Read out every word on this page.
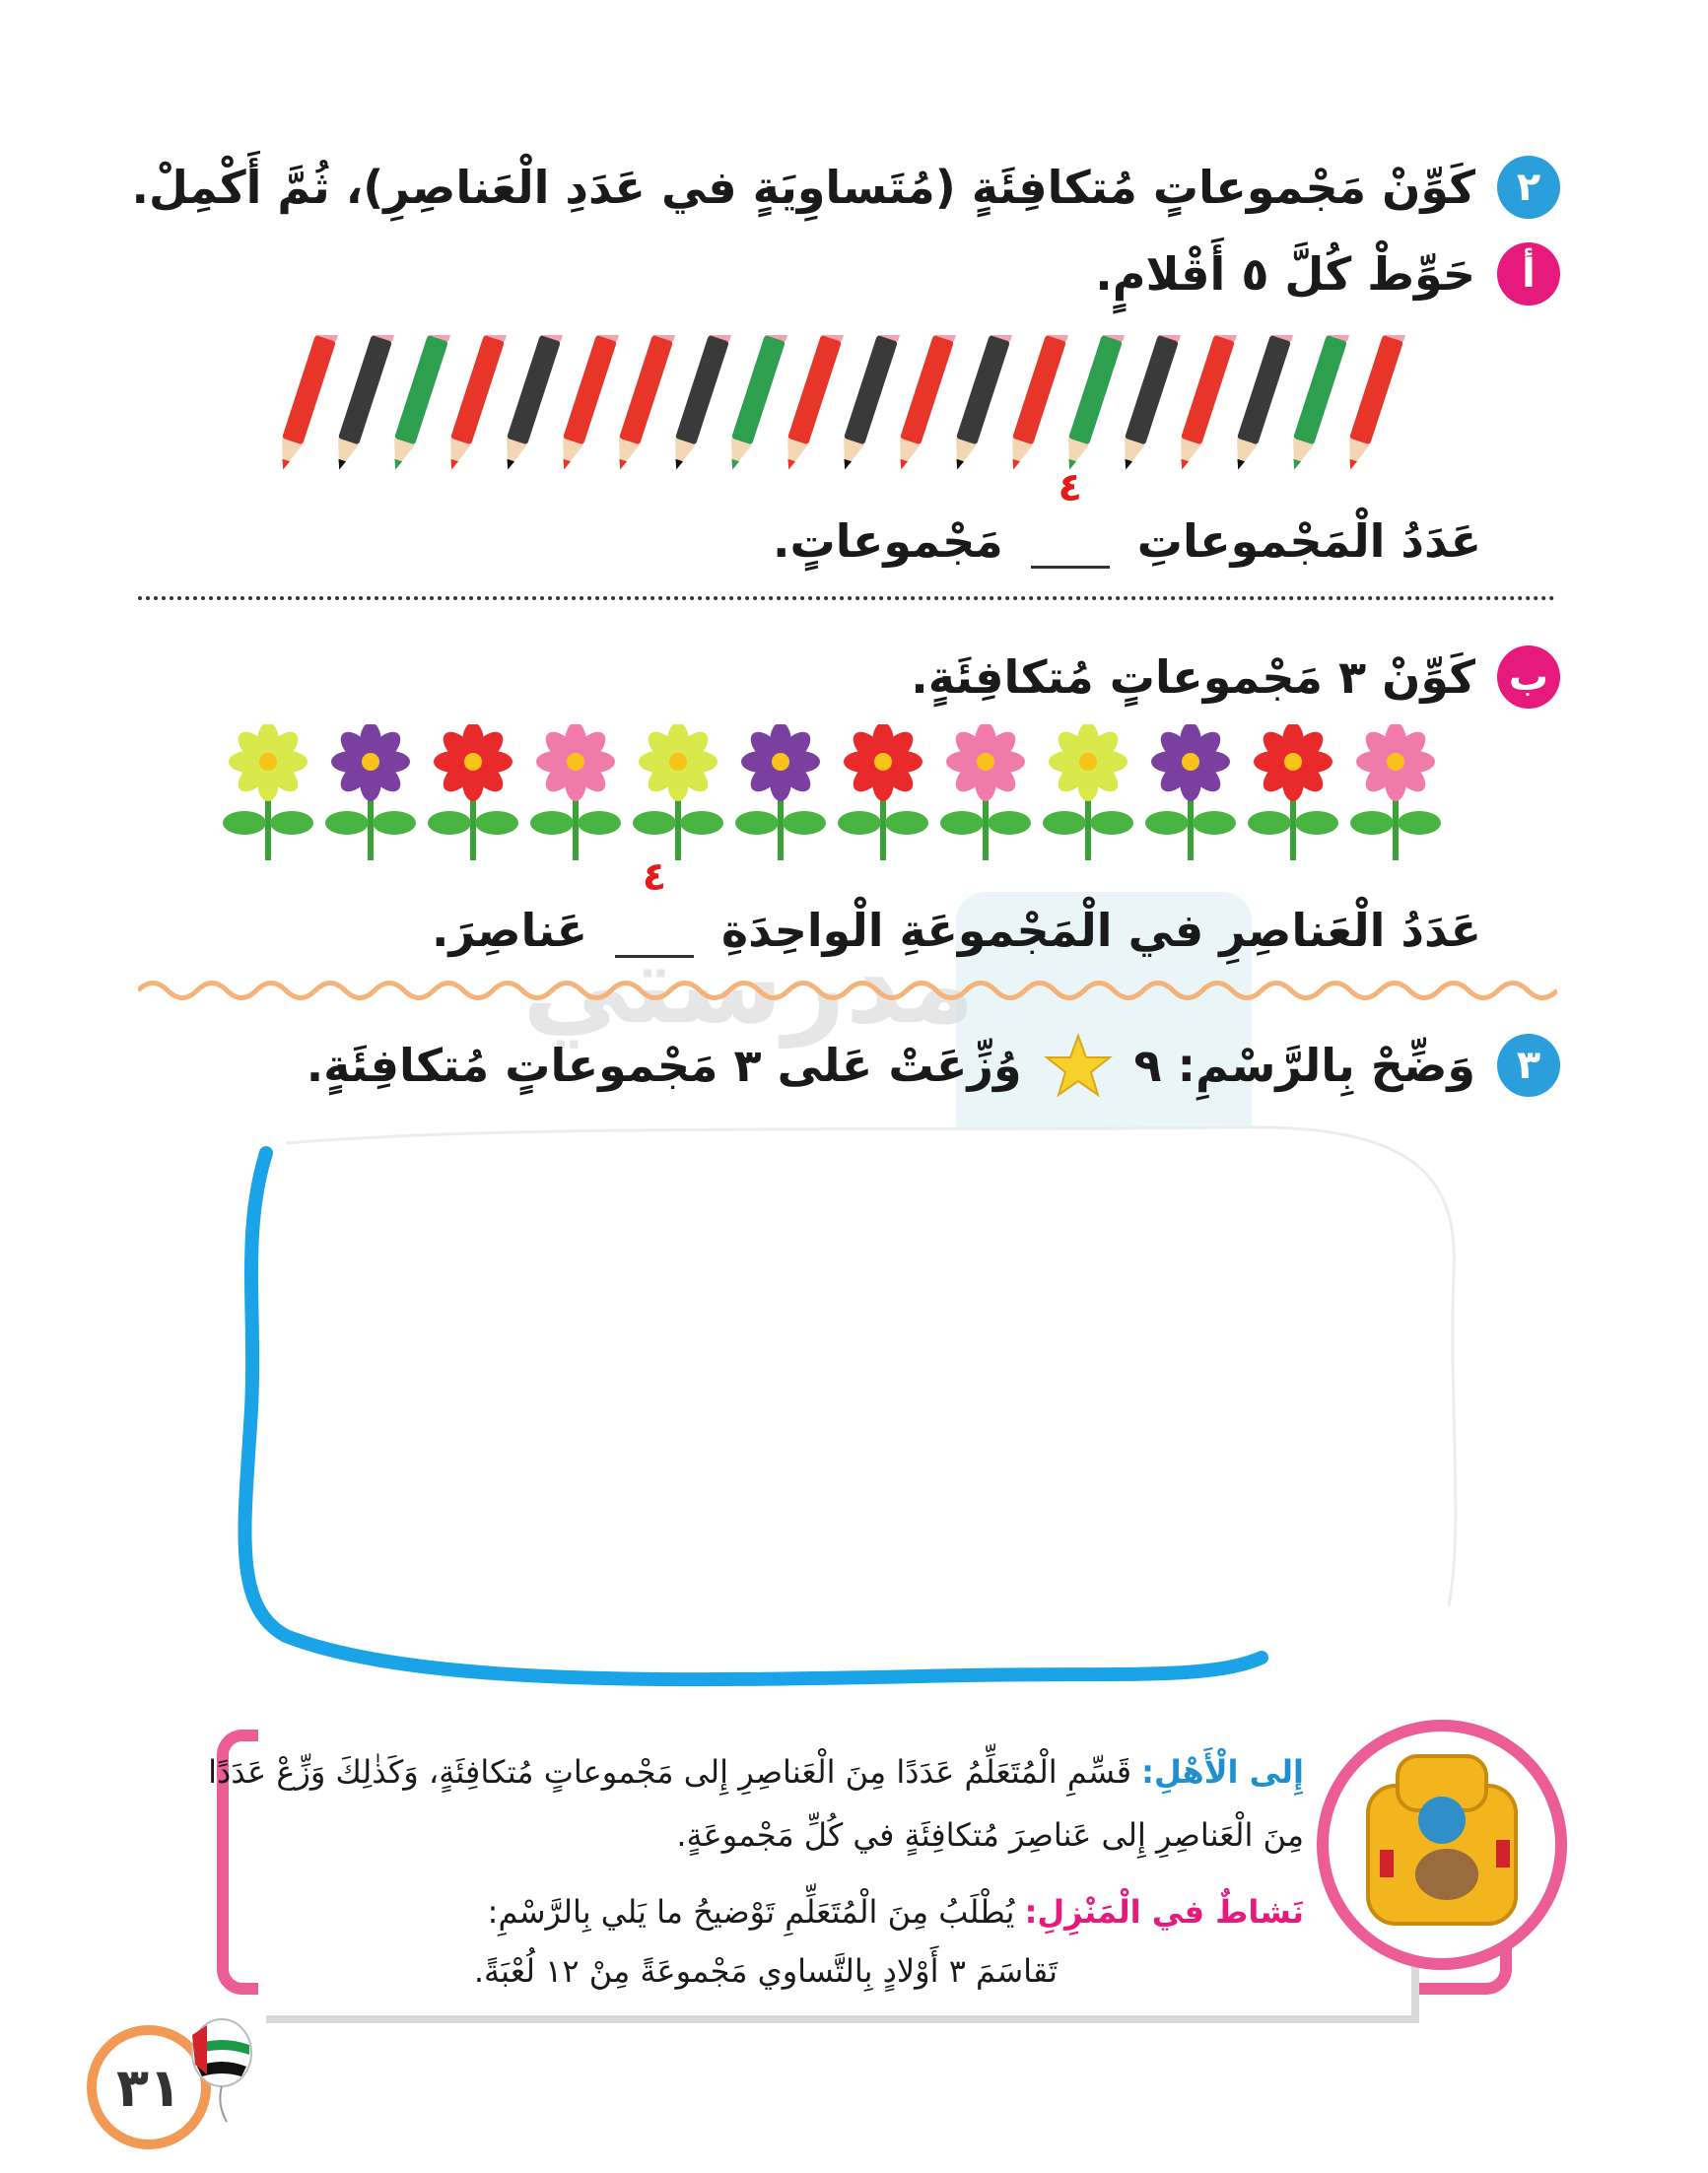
مدرستي
٢
كَوِّنْ مَجْموعاتٍ مُتكافِئَةٍ (مُتَساوِيَةٍ في عَدَدِ الْعَناصِرِ)، ثُمَّ أَكْمِلْ.
أ
حَوِّطْ كُلَّ ٥ أَقْلامٍ.
عَدَدُ الْمَجْموعاتِ
٤

مَجْموعاتٍ.
ب
كَوِّنْ ٣ مَجْموعاتٍ مُتكافِئَةٍ.
عَدَدُ الْعَناصِرِ في الْمَجْموعَةِ الْواحِدَةِ
٤

عَناصِرَ.
٣
وَضِّحْ بِالرَّسْمِ: ٩
وُزِّعَتْ عَلى ٣ مَجْموعاتٍ مُتكافِئَةٍ.
إِلى الْأَهْلِ: قَسِّمِ الْمُتَعَلِّمُ عَدَدًا مِنَ الْعَناصِرِ إِلى مَجْموعاتٍ مُتكافِئَةٍ، وَكَذٰلِكَ وَزِّعْ عَدَدًا
مِنَ الْعَناصِرِ إِلى عَناصِرَ مُتكافِئَةٍ في كُلِّ مَجْموعَةٍ.
نَشاطٌ في الْمَنْزِلِ: يُطْلَبُ مِنَ الْمُتَعَلِّمِ تَوْضيحُ ما يَلي بِالرَّسْمِ:
تَقاسَمَ ٣ أَوْلادٍ بِالتَّساوي مَجْموعَةً مِنْ ١٢ لُعْبَةً.
٣١
